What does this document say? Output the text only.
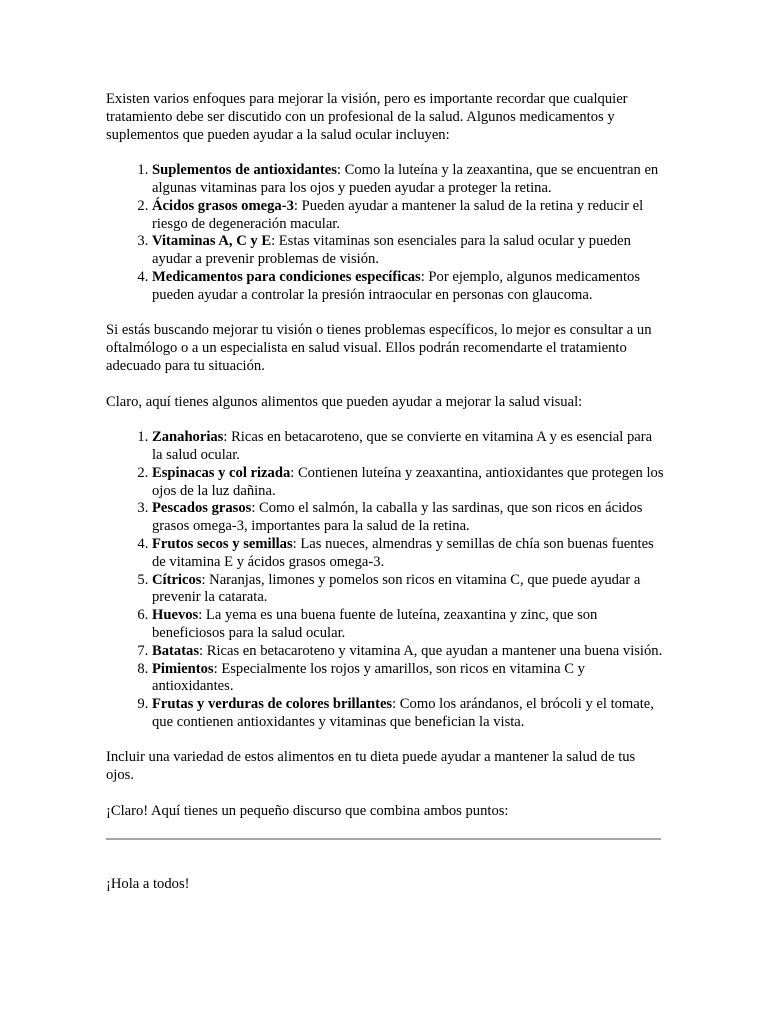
Existen varios enfoques para mejorar la visión, pero es importante recordar que cualquier tratamiento debe ser discutido con un profesional de la salud. Algunos medicamentos y suplementos que pueden ayudar a la salud ocular incluyen:

1. Suplementos de antioxidantes: Como la luteína y la zeaxantina, que se encuentran en algunas vitaminas para los ojos y pueden ayudar a proteger la retina.
2. Ácidos grasos omega-3: Pueden ayudar a mantener la salud de la retina y reducir el riesgo de degeneración macular.
3. Vitaminas A, C y E: Estas vitaminas son esenciales para la salud ocular y pueden ayudar a prevenir problemas de visión.
4. Medicamentos para condiciones específicas: Por ejemplo, algunos medicamentos pueden ayudar a controlar la presión intraocular en personas con glaucoma.

Si estás buscando mejorar tu visión o tienes problemas específicos, lo mejor es consultar a un oftalmólogo o a un especialista en salud visual. Ellos podrán recomendarte el tratamiento adecuado para tu situación.

Claro, aquí tienes algunos alimentos que pueden ayudar a mejorar la salud visual:

1. Zanahorias: Ricas en betacaroteno, que se convierte en vitamina A y es esencial para la salud ocular.
2. Espinacas y col rizada: Contienen luteína y zeaxantina, antioxidantes que protegen los ojos de la luz dañina.
3. Pescados grasos: Como el salmón, la caballa y las sardinas, que son ricos en ácidos grasos omega-3, importantes para la salud de la retina.
4. Frutos secos y semillas: Las nueces, almendras y semillas de chía son buenas fuentes de vitamina E y ácidos grasos omega-3.
5. Cítricos: Naranjas, limones y pomelos son ricos en vitamina C, que puede ayudar a prevenir la catarata.
6. Huevos: La yema es una buena fuente de luteína, zeaxantina y zinc, que son beneficiosos para la salud ocular.
7. Batatas: Ricas en betacaroteno y vitamina A, que ayudan a mantener una buena visión.
8. Pimientos: Especialmente los rojos y amarillos, son ricos en vitamina C y antioxidantes.
9. Frutas y verduras de colores brillantes: Como los arándanos, el brócoli y el tomate, que contienen antioxidantes y vitaminas que benefician la vista.

Incluir una variedad de estos alimentos en tu dieta puede ayudar a mantener la salud de tus ojos.

¡Claro! Aquí tienes un pequeño discurso que combina ambos puntos:

¡Hola a todos!
